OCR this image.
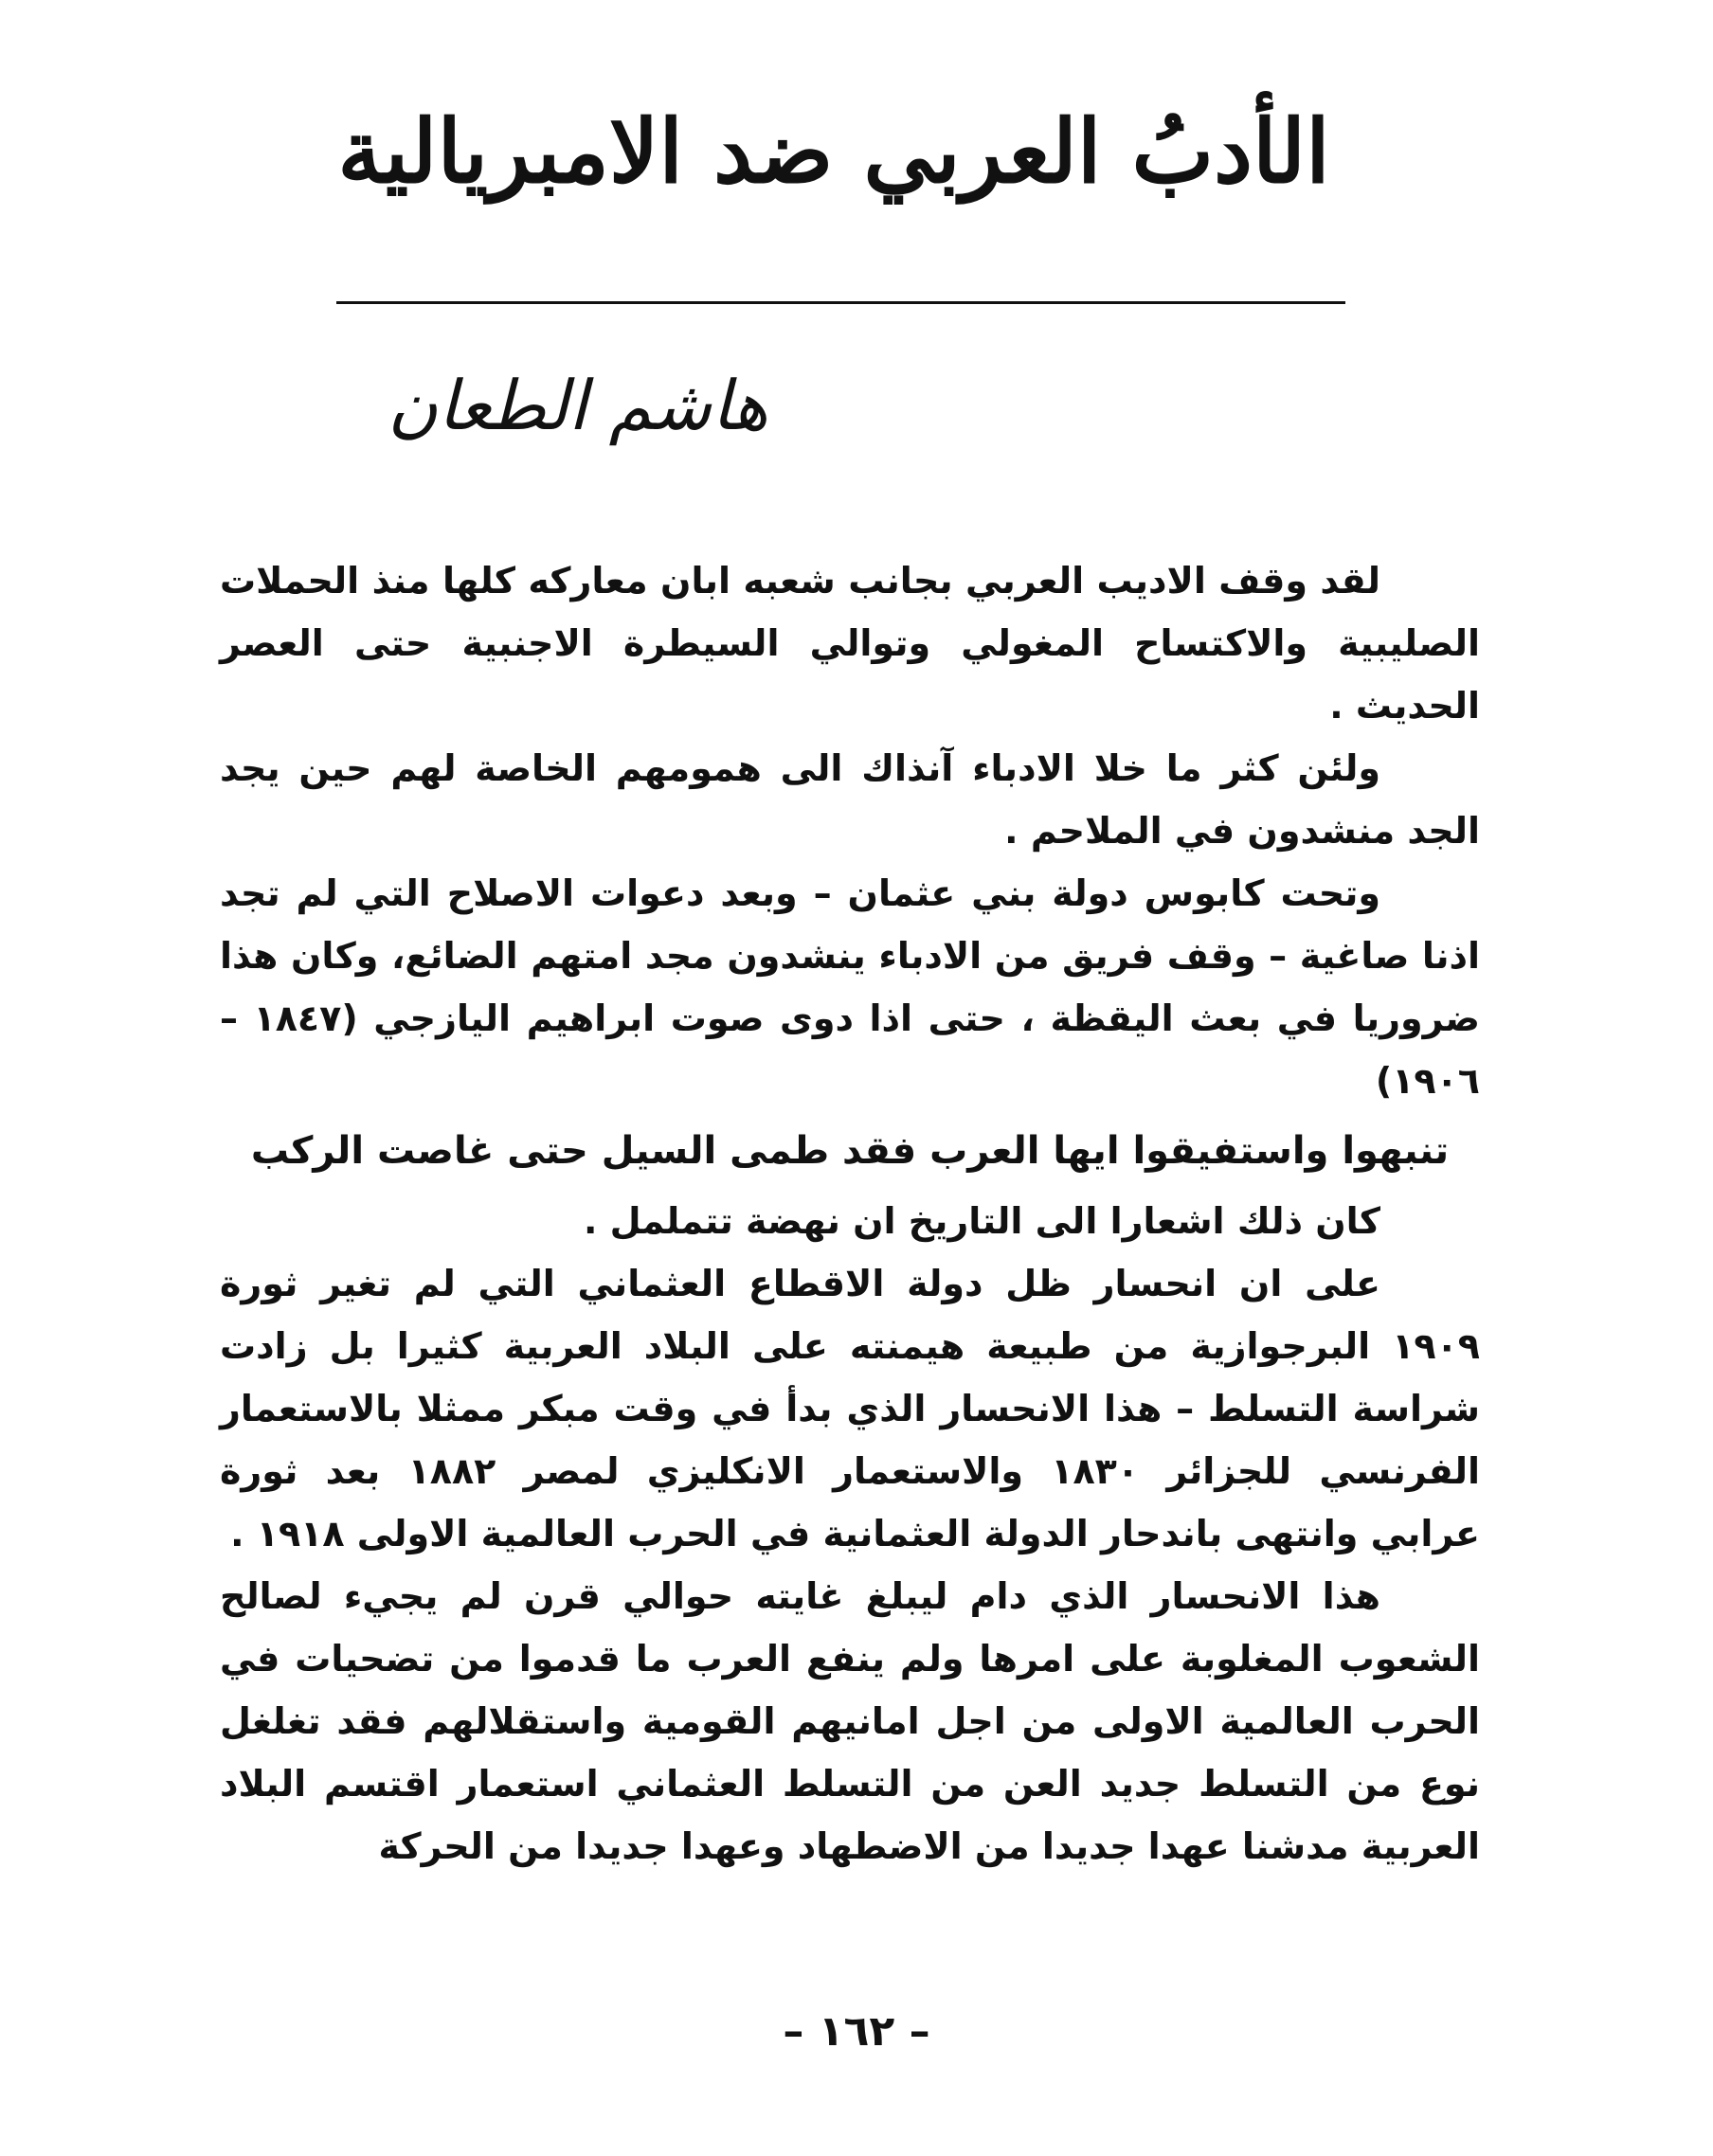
الأدبُ العربي ضد الامبريالية
هاشم الطعان

لقد وقف الاديب العربي بجانب شعبه ابان معاركه كلها منذ الحملات الصليبية والاكتساح المغولي وتوالي السيطرة الاجنبية حتى العصر الحديث .

ولئن كثر ما خلا الادباء آنذاك الى همومهم الخاصة لهم حين يجد الجد منشدون في الملاحم .

وتحت كابوس دولة بني عثمان – وبعد دعوات الاصلاح التي لم تجد اذنا صاغية – وقف فريق من الادباء ينشدون مجد امتهم الضائع، وكان هذا ضروريا في بعث اليقظة ، حتى اذا دوى صوت ابراهيم اليازجي (١٨٤٧ – ١٩٠٦)

تنبهوا واستفيقوا ايها العرب فقد طمى السيل حتى غاصت الركب

كان ذلك اشعارا الى التاريخ ان نهضة تتململ .

على ان انحسار ظل دولة الاقطاع العثماني التي لم تغير ثورة ١٩٠٩ البرجوازية من طبيعة هيمنته على البلاد العربية كثيرا بل زادت شراسة التسلط – هذا الانحسار الذي بدأ في وقت مبكر ممثلا بالاستعمار الفرنسي للجزائر ١٨٣٠ والاستعمار الانكليزي لمصر ١٨٨٢ بعد ثورة عرابي وانتهى باندحار الدولة العثمانية في الحرب العالمية الاولى ١٩١٨ .

هذا الانحسار الذي دام ليبلغ غايته حوالي قرن لم يجيء لصالح الشعوب المغلوبة على امرها ولم ينفع العرب ما قدموا من تضحيات في الحرب العالمية الاولى من اجل امانيهم القومية واستقلالهم فقد تغلغل نوع من التسلط جديد العن من التسلط العثماني استعمار اقتسم البلاد العربية مدشنا عهدا جديدا من الاضطهاد وعهدا جديدا من الحركة

– ١٦٢ –
